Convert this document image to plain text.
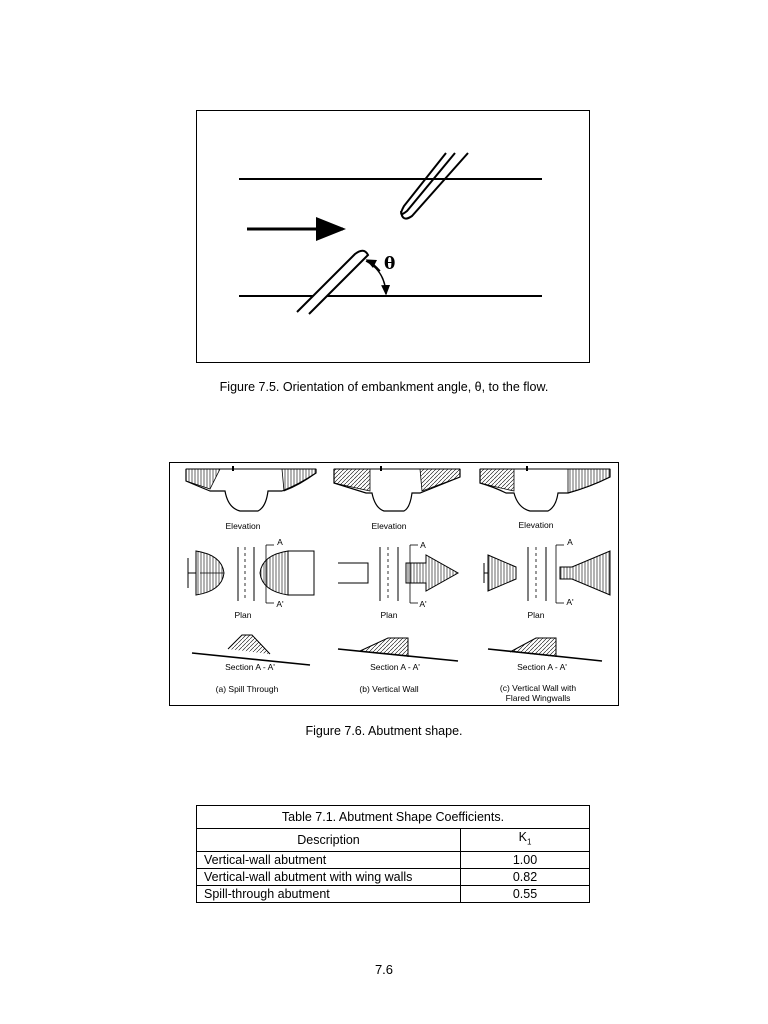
θ
Figure 7.5. Orientation of embankment angle, θ, to the flow.
Elevation	Elevation	Elevation
A
A'
A
A'
A
A'
Plan	Plan	Plan
Section A - A'	Section A - A'	Section A - A'
(a) Spill Through	(b) Vertical Wall	(c) Vertical Wall with
Flared Wingwalls
Figure 7.6. Abutment shape.
Table 7.1. Abutment Shape Coefficients.	
Description	$K_1$
Vertical-wall abutment	1.00
Vertical-wall abutment with wing walls	0.82
Spill-through abutment	0.55
7.6
